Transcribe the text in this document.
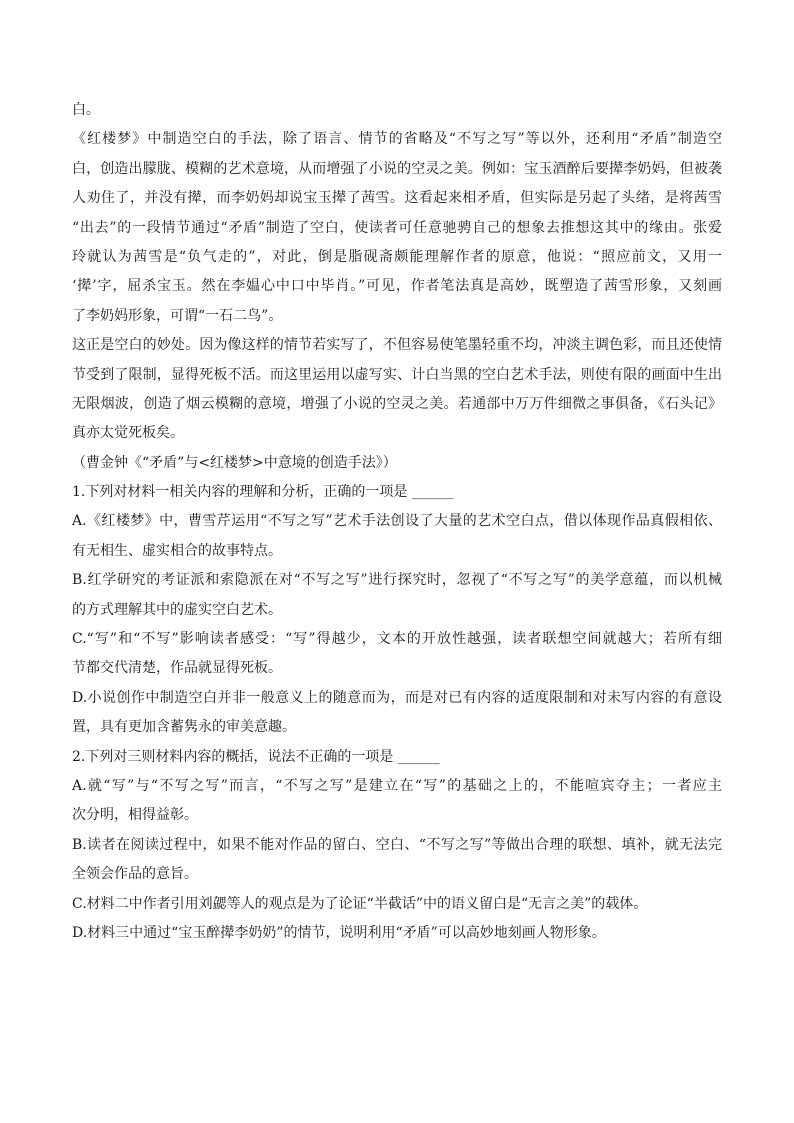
白。
《红楼梦》中制造空白的手法，除了语言、情节的省略及“不写之写”等以外，还利用“矛盾”制造空
白，创造出朦胧、模糊的艺术意境，从而增强了小说的空灵之美。例如：宝玉酒醉后要撵李奶妈，但被袭
人劝住了，并没有撵，而李奶妈却说宝玉撵了茜雪。这看起来相矛盾，但实际是另起了头绪，是将茜雪
“出去”的一段情节通过“矛盾”制造了空白，使读者可任意驰骋自己的想象去推想这其中的缘由。张爱
玲就认为茜雪是“负气走的”，对此，倒是脂砚斋颇能理解作者的原意，他说：“照应前文，又用一
‘撵’字，屈杀宝玉。然在李媪心中口中毕肖。”可见，作者笔法真是高妙，既塑造了茜雪形象，又刻画
了李奶妈形象，可谓“一石二鸟”。
这正是空白的妙处。因为像这样的情节若实写了，不但容易使笔墨轻重不均，冲淡主调色彩，而且还使情
节受到了限制，显得死板不活。而这里运用以虚写实、计白当黑的空白艺术手法，则使有限的画面中生出
无限烟波，创造了烟云模糊的意境，增强了小说的空灵之美。若通部中万万件细微之事俱备，《石头记》
真亦太觉死板矣。
（曹金钟《“矛盾”与<红楼梦>中意境的创造手法》）
1.下列对材料一相关内容的理解和分析，正确的一项是 ______
A.《红楼梦》中，曹雪芹运用“不写之写”艺术手法创设了大量的艺术空白点，借以体现作品真假相依、
有无相生、虚实相合的故事特点。
B.红学研究的考证派和索隐派在对“不写之写”进行探究时，忽视了“不写之写”的美学意蕴，而以机械
的方式理解其中的虚实空白艺术。
C.“写”和“不写”影响读者感受：“写”得越少，文本的开放性越强，读者联想空间就越大；若所有细
节都交代清楚，作品就显得死板。
D.小说创作中制造空白并非一般意义上的随意而为，而是对已有内容的适度限制和对未写内容的有意设
置，具有更加含蓄隽永的审美意趣。
2.下列对三则材料内容的概括，说法不正确的一项是 ______
A.就“写”与“不写之写”而言，“不写之写”是建立在“写”的基础之上的，不能喧宾夺主；一者应主
次分明，相得益彰。
B.读者在阅读过程中，如果不能对作品的留白、空白、“不写之写”等做出合理的联想、填补，就无法完
全领会作品的意旨。
C.材料二中作者引用刘勰等人的观点是为了论证“半截话”中的语义留白是“无言之美”的载体。
D.材料三中通过“宝玉醉撵李奶奶”的情节，说明利用“矛盾”可以高妙地刻画人物形象。
